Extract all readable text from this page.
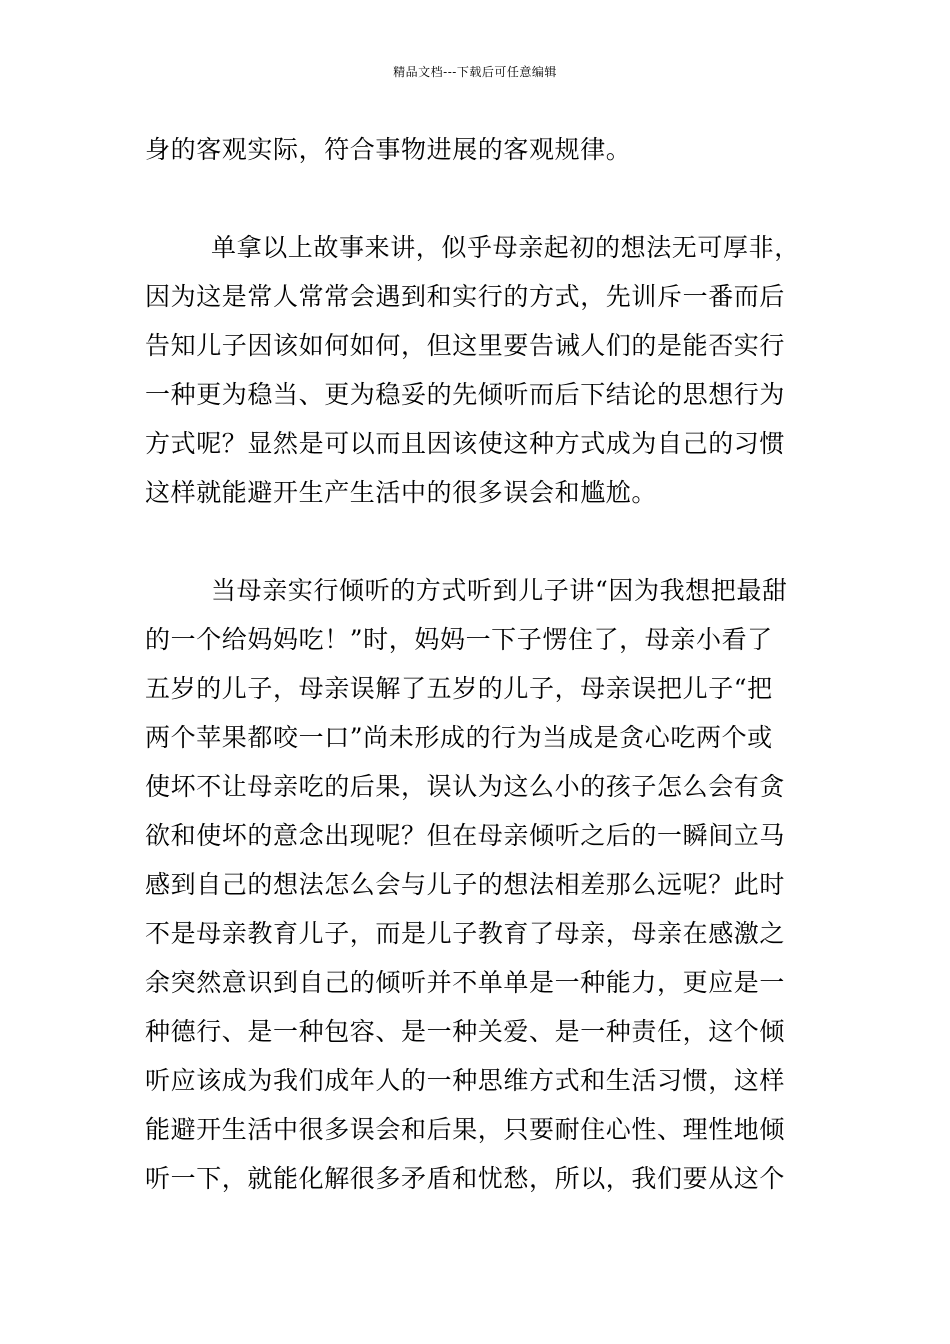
精品文档---下载后可任意编辑
身的客观实际，符合事物进展的客观规律。
单拿以上故事来讲，似乎母亲起初的想法无可厚非，
因为这是常人常常会遇到和实行的方式，先训斥一番而后
告知儿子因该如何如何，但这里要告诫人们的是能否实行
一种更为稳当、更为稳妥的先倾听而后下结论的思想行为
方式呢？显然是可以而且因该使这种方式成为自己的习惯
这样就能避开生产生活中的很多误会和尴尬。
当母亲实行倾听的方式听到儿子讲“因为我想把最甜
的一个给妈妈吃！”时，妈妈一下子愣住了，母亲小看了
五岁的儿子，母亲误解了五岁的儿子，母亲误把儿子“把
两个苹果都咬一口”尚未形成的行为当成是贪心吃两个或
使坏不让母亲吃的后果，误认为这么小的孩子怎么会有贪
欲和使坏的意念出现呢？但在母亲倾听之后的一瞬间立马
感到自己的想法怎么会与儿子的想法相差那么远呢？此时
不是母亲教育儿子，而是儿子教育了母亲，母亲在感激之
余突然意识到自己的倾听并不单单是一种能力，更应是一
种德行、是一种包容、是一种关爱、是一种责任，这个倾
听应该成为我们成年人的一种思维方式和生活习惯，这样
能避开生活中很多误会和后果，只要耐住心性、理性地倾
听一下，就能化解很多矛盾和忧愁，所以，我们要从这个
